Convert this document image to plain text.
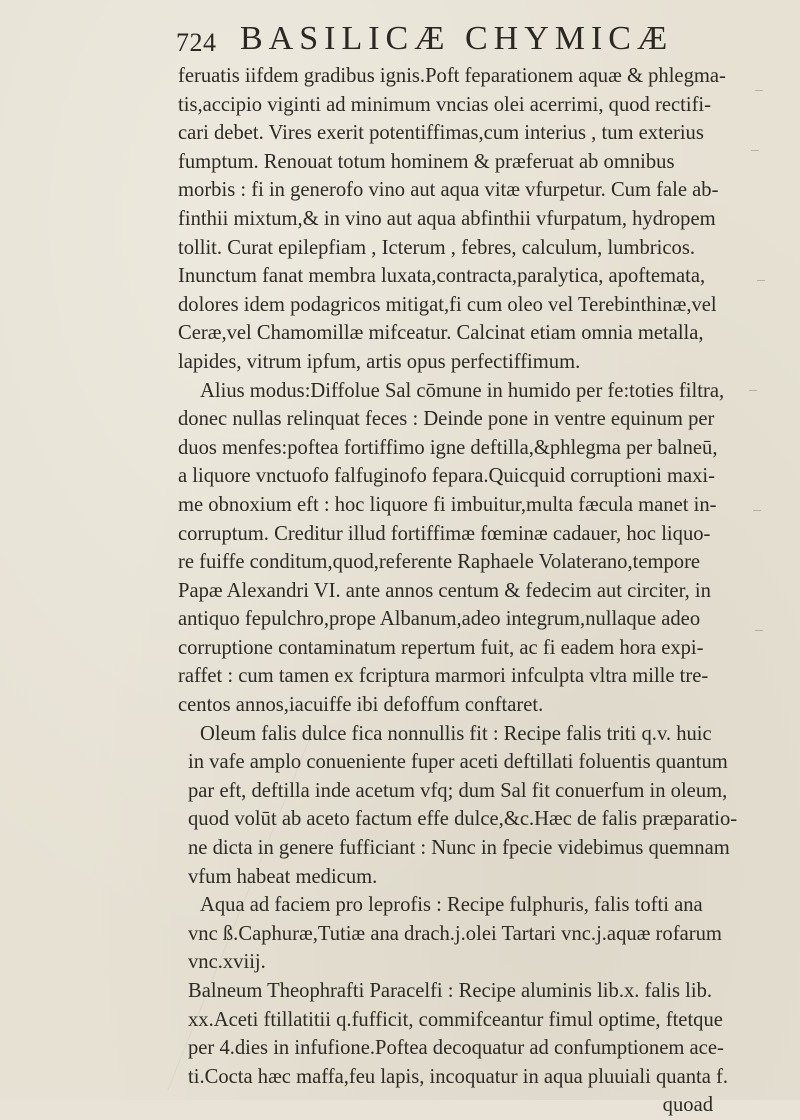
724 BASILICÆ CHYMICÆ
feruatis iifdem gradibus ignis.Poft feparationem aquæ & phlegma-
tis,accipio viginti ad minimum vncias olei acerrimi, quod rectifi-
cari debet. Vires exerit potentiffimas,cum interius , tum exterius
fumptum. Renouat totum hominem & præferuat ab omnibus
morbis : fi in generofo vino aut aqua vitæ vfurpetur. Cum fale ab-
finthii mixtum,& in vino aut aqua abfinthii vfurpatum, hydropem
tollit. Curat epilepfiam , Icterum , febres, calculum, lumbricos.
Inunctum fanat membra luxata,contracta,paralytica, apoftemata,
dolores idem podagricos mitigat,fi cum oleo vel Terebinthinæ,vel
Ceræ,vel Chamomillæ mifceatur. Calcinat etiam omnia metalla,
lapides, vitrum ipfum, artis opus perfectiffimum.
Alius modus:Diffolue Sal cōmune in humido per fe:toties filtra,
donec nullas relinquat feces : Deinde pone in ventre equinum per
duos menfes:poftea fortiffimo igne deftilla,&phlegma per balneū,
a liquore vnctuofo falfuginofo fepara.Quicquid corruptioni maxi-
me obnoxium eft : hoc liquore fi imbuitur,multa fæcula manet in-
corruptum. Creditur illud fortiffimæ fœminæ cadauer, hoc liquo-
re fuiffe conditum,quod,referente Raphaele Volaterano,tempore
Papæ Alexandri VI. ante annos centum & fedecim aut circiter, in
antiquo fepulchro,prope Albanum,adeo integrum,nullaque adeo
corruptione contaminatum repertum fuit, ac fi eadem hora expi-
raffet : cum tamen ex fcriptura marmori infculpta vltra mille tre-
centos annos,iacuiffe ibi defoffum conftaret.
Oleum falis dulce fica nonnullis fit : Recipe falis triti q.v. huic
in vafe amplo conueniente fuper aceti deftillati foluentis quantum
par eft, deftilla inde acetum vfq; dum Sal fit conuerfum in oleum,
quod volūt ab aceto factum effe dulce,&c.Hæc de falis præparatio-
ne dicta in genere fufficiant : Nunc in fpecie videbimus quemnam
vfum habeat medicum.
Aqua ad faciem pro leprofis : Recipe fulphuris, falis tofti ana
vnc ß.Caphuræ,Tutiæ ana drach.j.olei Tartari vnc.j.aquæ rofarum
vnc.xviij.
Balneum Theophrafti Paracelfi : Recipe aluminis lib.x. falis lib.
xx.Aceti ftillatitii q.fufficit, commifceantur fimul optime, ftetque
per 4.dies in infufione.Poftea decoquatur ad confumptionem ace-
ti.Cocta hæc maffa,feu lapis, incoquatur in aqua pluuiali quanta f.
quoad
